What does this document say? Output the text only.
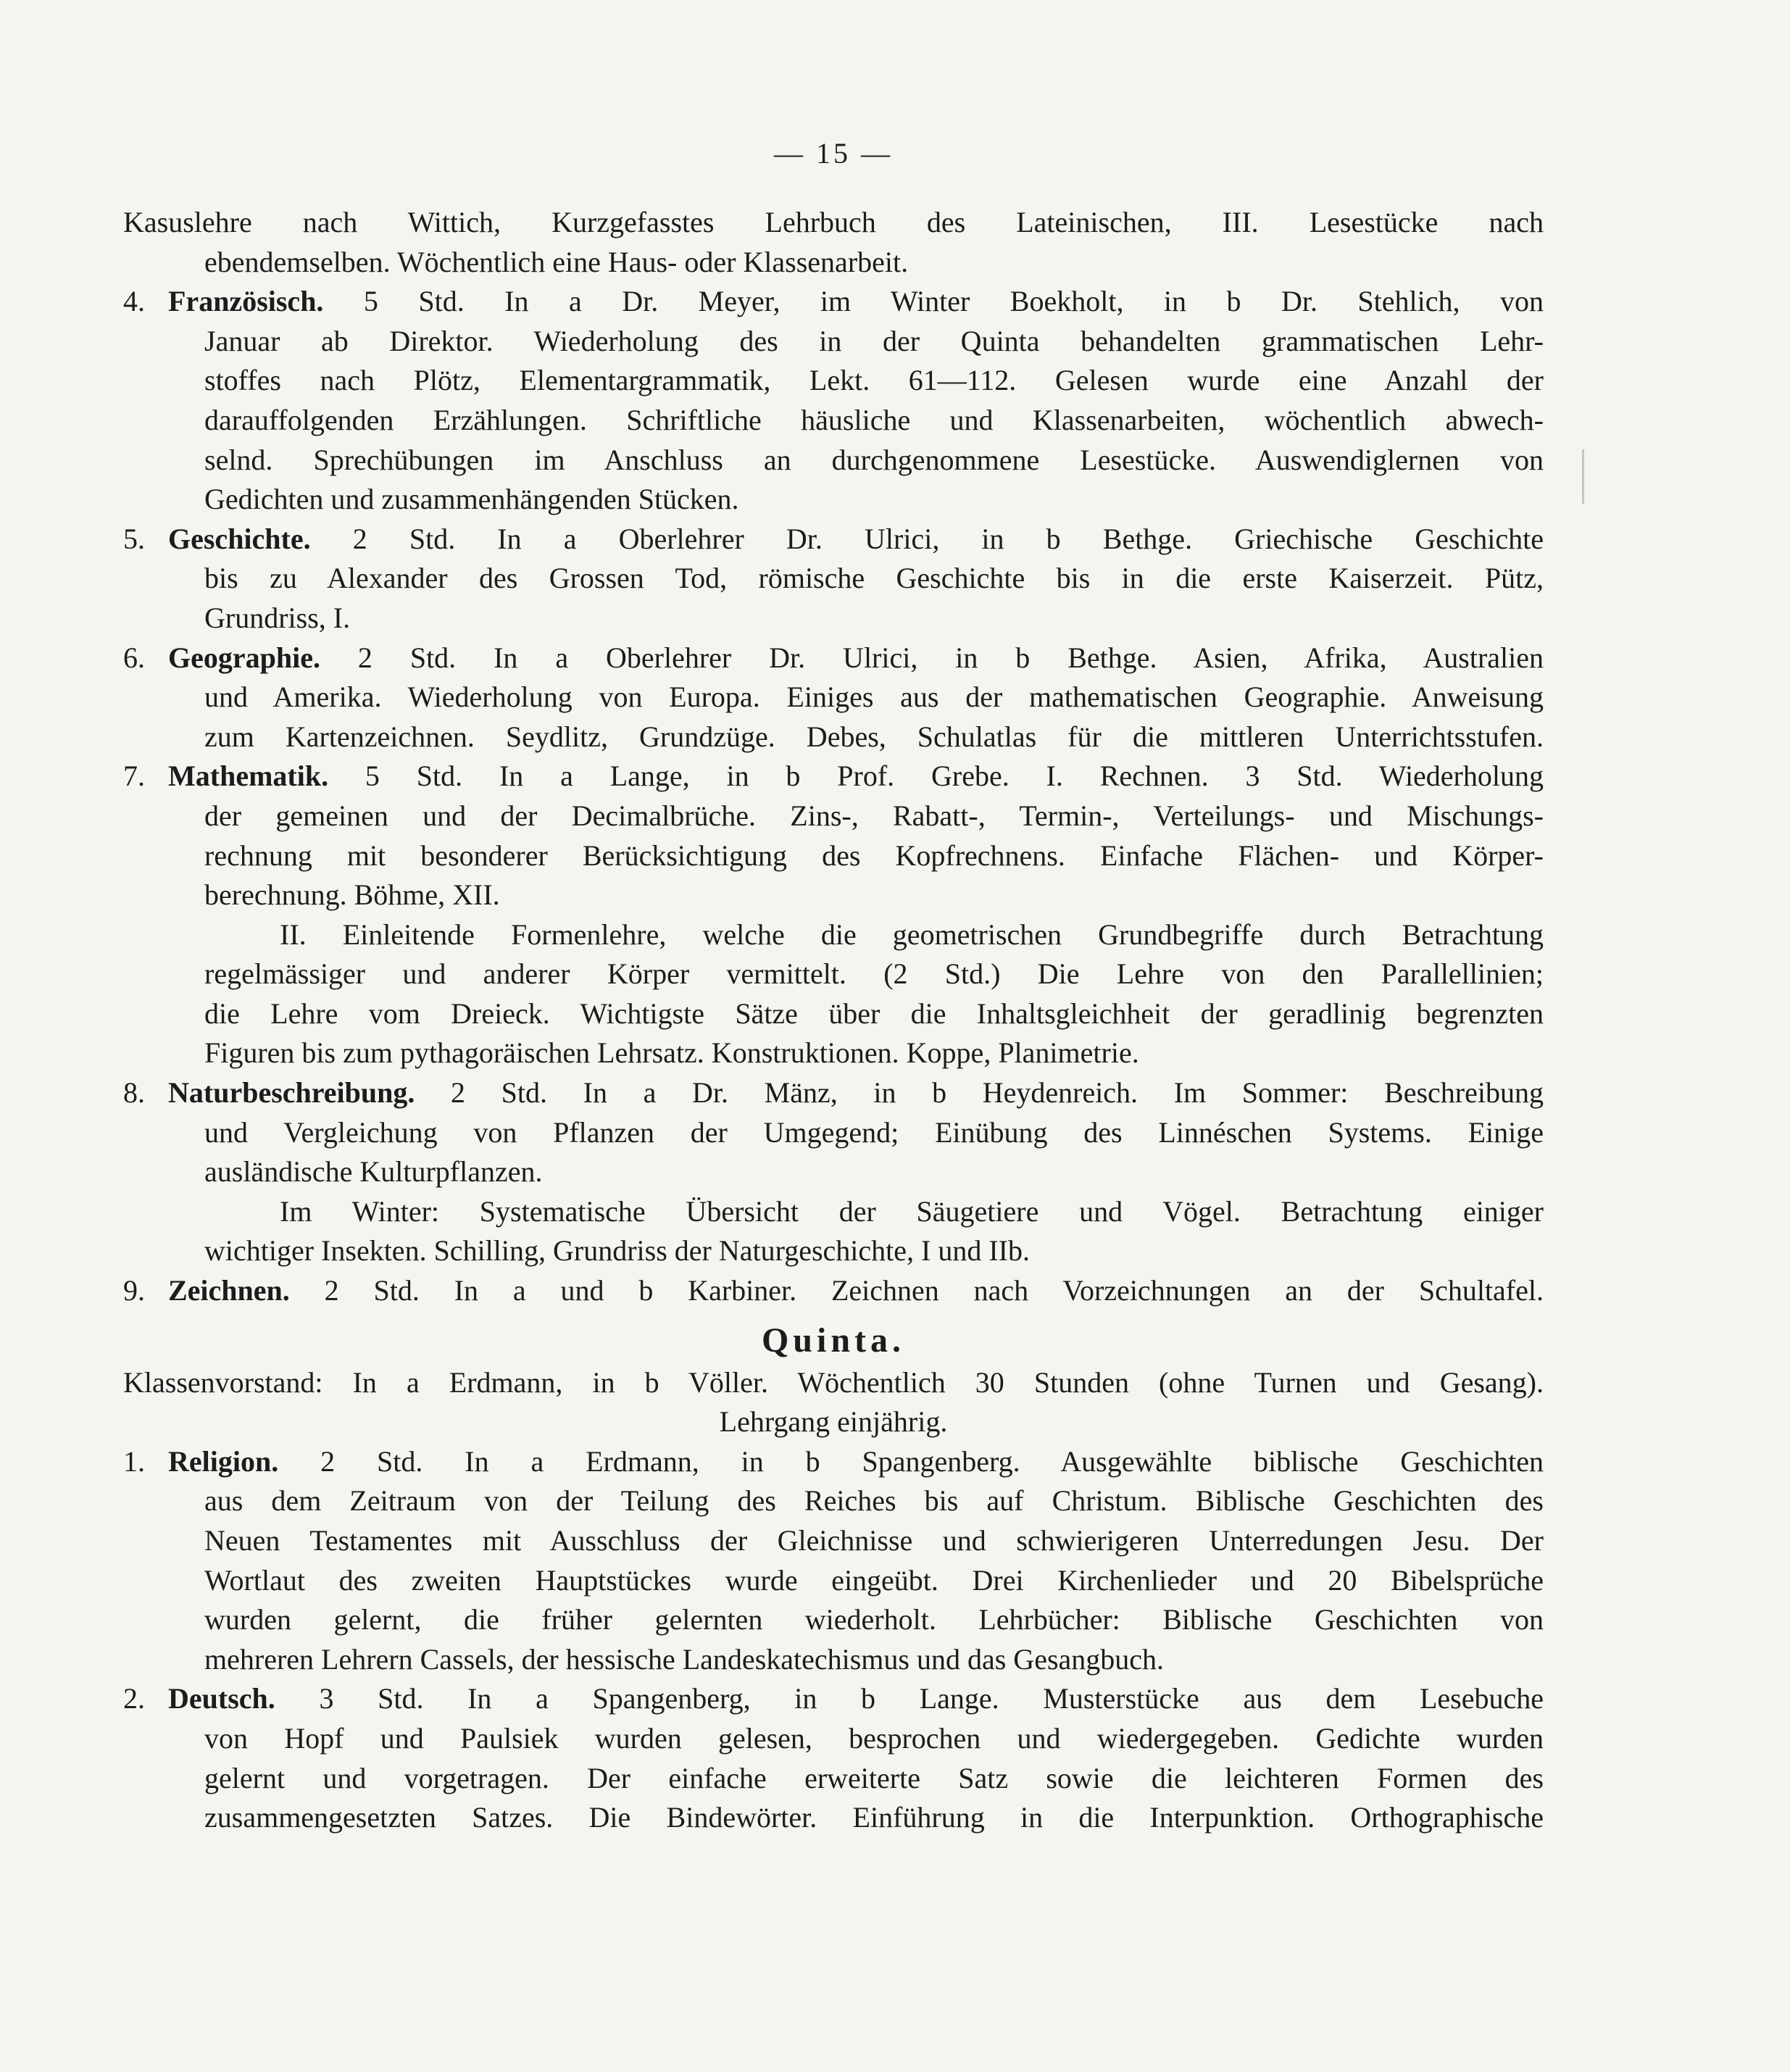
— 15 —
Kasuslehre nach Wittich, Kurzgefasstes Lehrbuch des Lateinischen, III. Lesestücke nach
ebendemselben. Wöchentlich eine Haus- oder Klassenarbeit.
4. Französisch. 5 Std. In a Dr. Meyer, im Winter Boekholt, in b Dr. Stehlich, von
Januar ab Direktor. Wiederholung des in der Quinta behandelten grammatischen Lehr-
stoffes nach Plötz, Elementargrammatik, Lekt. 61—112. Gelesen wurde eine Anzahl der
darauffolgenden Erzählungen. Schriftliche häusliche und Klassenarbeiten, wöchentlich abwech-
selnd. Sprechübungen im Anschluss an durchgenommene Lesestücke. Auswendiglernen von
Gedichten und zusammenhängenden Stücken.
5. Geschichte. 2 Std. In a Oberlehrer Dr. Ulrici, in b Bethge. Griechische Geschichte
bis zu Alexander des Grossen Tod, römische Geschichte bis in die erste Kaiserzeit. Pütz,
Grundriss, I.
6. Geographie. 2 Std. In a Oberlehrer Dr. Ulrici, in b Bethge. Asien, Afrika, Australien
und Amerika. Wiederholung von Europa. Einiges aus der mathematischen Geographie. Anweisung
zum Kartenzeichnen. Seydlitz, Grundzüge. Debes, Schulatlas für die mittleren Unterrichtsstufen.
7. Mathematik. 5 Std. In a Lange, in b Prof. Grebe. I. Rechnen. 3 Std. Wiederholung
der gemeinen und der Decimalbrüche. Zins-, Rabatt-, Termin-, Verteilungs- und Mischungs-
rechnung mit besonderer Berücksichtigung des Kopfrechnens. Einfache Flächen- und Körper-
berechnung. Böhme, XII.
II. Einleitende Formenlehre, welche die geometrischen Grundbegriffe durch Betrachtung
regelmässiger und anderer Körper vermittelt. (2 Std.) Die Lehre von den Parallellinien;
die Lehre vom Dreieck. Wichtigste Sätze über die Inhaltsgleichheit der geradlinig begrenzten
Figuren bis zum pythagoräischen Lehrsatz. Konstruktionen. Koppe, Planimetrie.
8. Naturbeschreibung. 2 Std. In a Dr. Mänz, in b Heydenreich. Im Sommer: Beschreibung
und Vergleichung von Pflanzen der Umgegend; Einübung des Linnéschen Systems. Einige
ausländische Kulturpflanzen.
Im Winter: Systematische Übersicht der Säugetiere und Vögel. Betrachtung einiger
wichtiger Insekten. Schilling, Grundriss der Naturgeschichte, I und IIb.
9. Zeichnen. 2 Std. In a und b Karbiner. Zeichnen nach Vorzeichnungen an der Schultafel.
Quinta.
Klassenvorstand: In a Erdmann, in b Völler. Wöchentlich 30 Stunden (ohne Turnen und Gesang).
Lehrgang einjährig.
1. Religion. 2 Std. In a Erdmann, in b Spangenberg. Ausgewählte biblische Geschichten
aus dem Zeitraum von der Teilung des Reiches bis auf Christum. Biblische Geschichten des
Neuen Testamentes mit Ausschluss der Gleichnisse und schwierigeren Unterredungen Jesu. Der
Wortlaut des zweiten Hauptstückes wurde eingeübt. Drei Kirchenlieder und 20 Bibelsprüche
wurden gelernt, die früher gelernten wiederholt. Lehrbücher: Biblische Geschichten von
mehreren Lehrern Cassels, der hessische Landeskatechismus und das Gesangbuch.
2. Deutsch. 3 Std. In a Spangenberg, in b Lange. Musterstücke aus dem Lesebuche
von Hopf und Paulsiek wurden gelesen, besprochen und wiedergegeben. Gedichte wurden
gelernt und vorgetragen. Der einfache erweiterte Satz sowie die leichteren Formen des
zusammengesetzten Satzes. Die Bindewörter. Einführung in die Interpunktion. Orthographische
